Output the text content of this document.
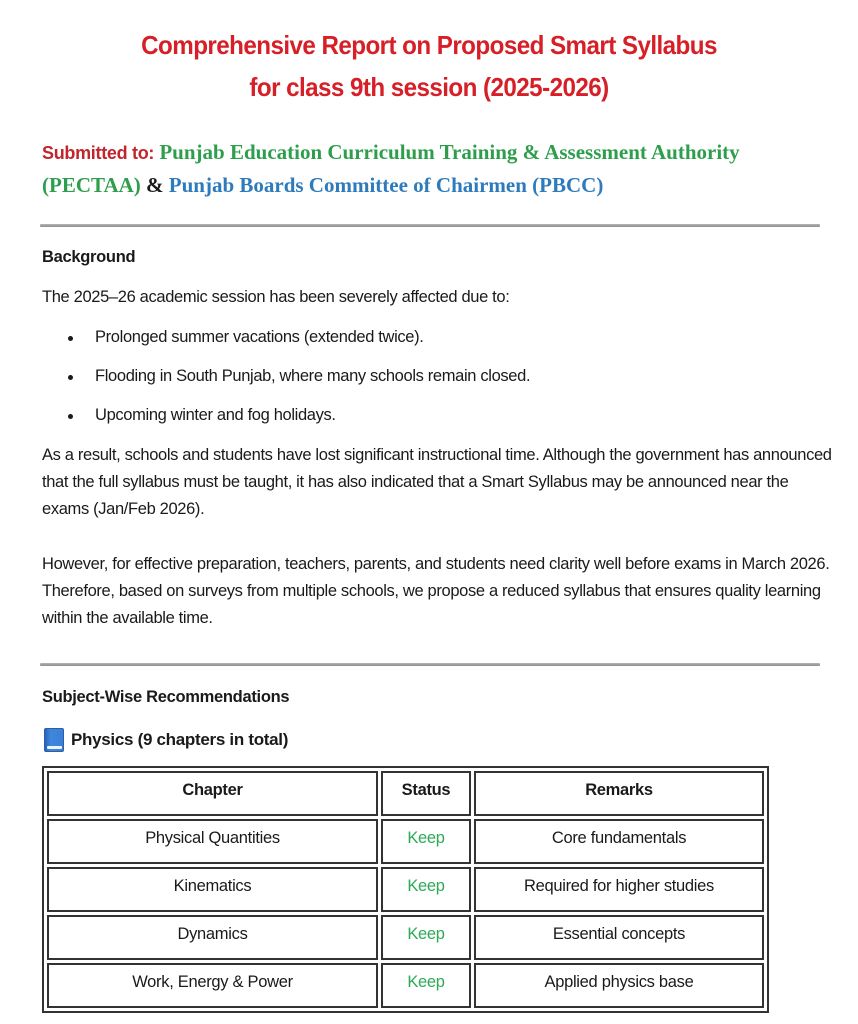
Comprehensive Report on Proposed Smart Syllabus
for class 9th session (2025-2026)
Submitted to: Punjab Education Curriculum Training & Assessment Authority (PECTAA) & Punjab Boards Committee of Chairmen (PBCC)
Background
The 2025–26 academic session has been severely affected due to:
Prolonged summer vacations (extended twice).
Flooding in South Punjab, where many schools remain closed.
Upcoming winter and fog holidays.
As a result, schools and students have lost significant instructional time. Although the government has announced that the full syllabus must be taught, it has also indicated that a Smart Syllabus may be announced near the exams (Jan/Feb 2026).
However, for effective preparation, teachers, parents, and students need clarity well before exams in March 2026. Therefore, based on surveys from multiple schools, we propose a reduced syllabus that ensures quality learning within the available time.
Subject-Wise Recommendations
Physics (9 chapters in total)
Chapter	Status	Remarks
Physical Quantities	Keep	Core fundamentals
Kinematics	Keep	Required for higher studies
Dynamics	Keep	Essential concepts
Work, Energy & Power	Keep	Applied physics base
